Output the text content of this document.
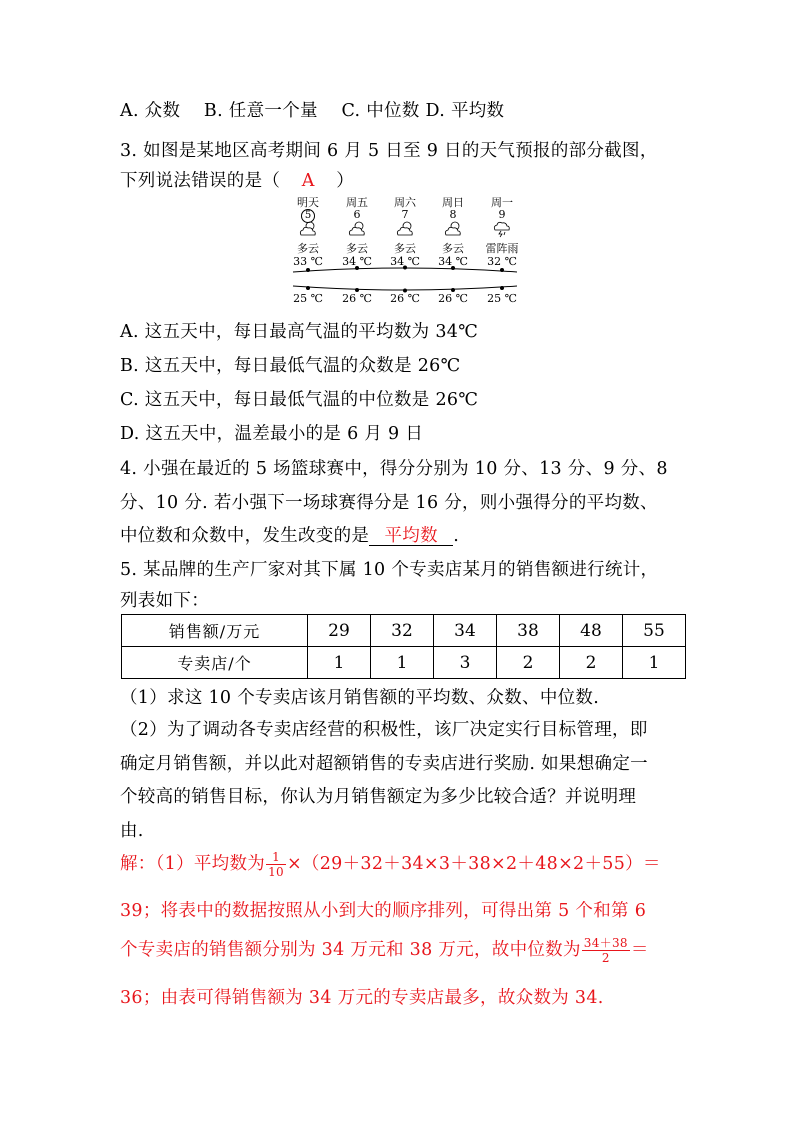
A. 众数　 B. 任意一个量　 C. 中位数 D. 平均数
3. 如图是某地区高考期间 6 月 5 日至 9 日的天气预报的部分截图，
下列说法错误的是（ A ）
明天
5
多云
33 ℃
25 ℃
周五
6
多云
34 ℃
26 ℃
周六
7
多云
34 ℃
26 ℃
周日
8
多云
34 ℃
26 ℃
周一
9
雷阵雨
32 ℃
25 ℃
A. 这五天中，每日最高气温的平均数为 34℃
B. 这五天中，每日最低气温的众数是 26℃
C. 这五天中，每日最低气温的中位数是 26℃
D. 这五天中，温差最小的是 6 月 9 日
4. 小强在最近的 5 场篮球赛中，得分分别为 10 分、13 分、9 分、8
分、10 分. 若小强下一场球赛得分是 16 分，则小强得分的平均数、
中位数和众数中，发生改变的是 平均数 .
5. 某品牌的生产厂家对其下属 10 个专卖店某月的销售额进行统计，
列表如下：
销售额/万元	29	32	34	38	48	55
专卖店/个	1	1	3	2	2	1
（1）求这 10 个专卖店该月销售额的平均数、众数、中位数.
（2）为了调动各专卖店经营的积极性，该厂决定实行目标管理，即
确定月销售额，并以此对超额销售的专卖店进行奖励. 如果想确定一
个较高的销售目标，你认为月销售额定为多少比较合适？并说明理
由.
解：（1）平均数为 $\frac{1}{10} \times(29+32+34\times 3+38\times 2+48\times 2+55)=$
39；将表中的数据按照从小到大的顺序排列，可得出第 5 个和第 6
个专卖店的销售额分别为 34 万元和 38 万元，故中位数为 $\frac{34+38}{2}$ ＝
36；由表可得销售额为 34 万元的专卖店最多，故众数为 34.
